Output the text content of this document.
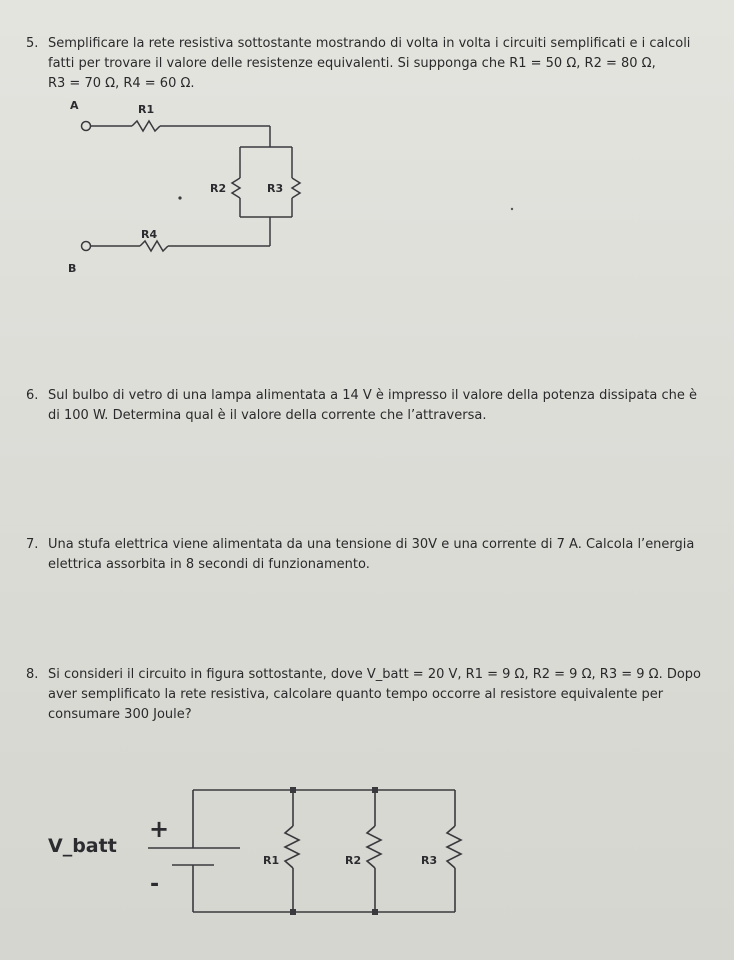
5. Semplificare la rete resistiva sottostante mostrando di volta in volta i circuiti semplificati e i calcoli
fatti per trovare il valore delle resistenze equivalenti. Si supponga che R1 = 50 Ω, R2 = 80 Ω,
R3 = 70 Ω, R4 = 60 Ω.
A	R1
R2	R3
R4
B
6. Sul bulbo di vetro di una lampa alimentata a 14 V è impresso il valore della potenza dissipata che è
di 100 W. Determina qual è il valore della corrente che l’attraversa.
7. Una stufa elettrica viene alimentata da una tensione di 30V e una corrente di 7 A. Calcola l’energia
elettrica assorbita in 8 secondi di funzionamento.
8. Si consideri il circuito in figura sottostante, dove V_batt = 20 V, R1 = 9 Ω, R2 = 9 Ω, R3 = 9 Ω. Dopo
aver semplificato la rete resistiva, calcolare quanto tempo occorre al resistore equivalente per
consumare 300 Joule?
V_batt
+
-
R1	R2	R3
